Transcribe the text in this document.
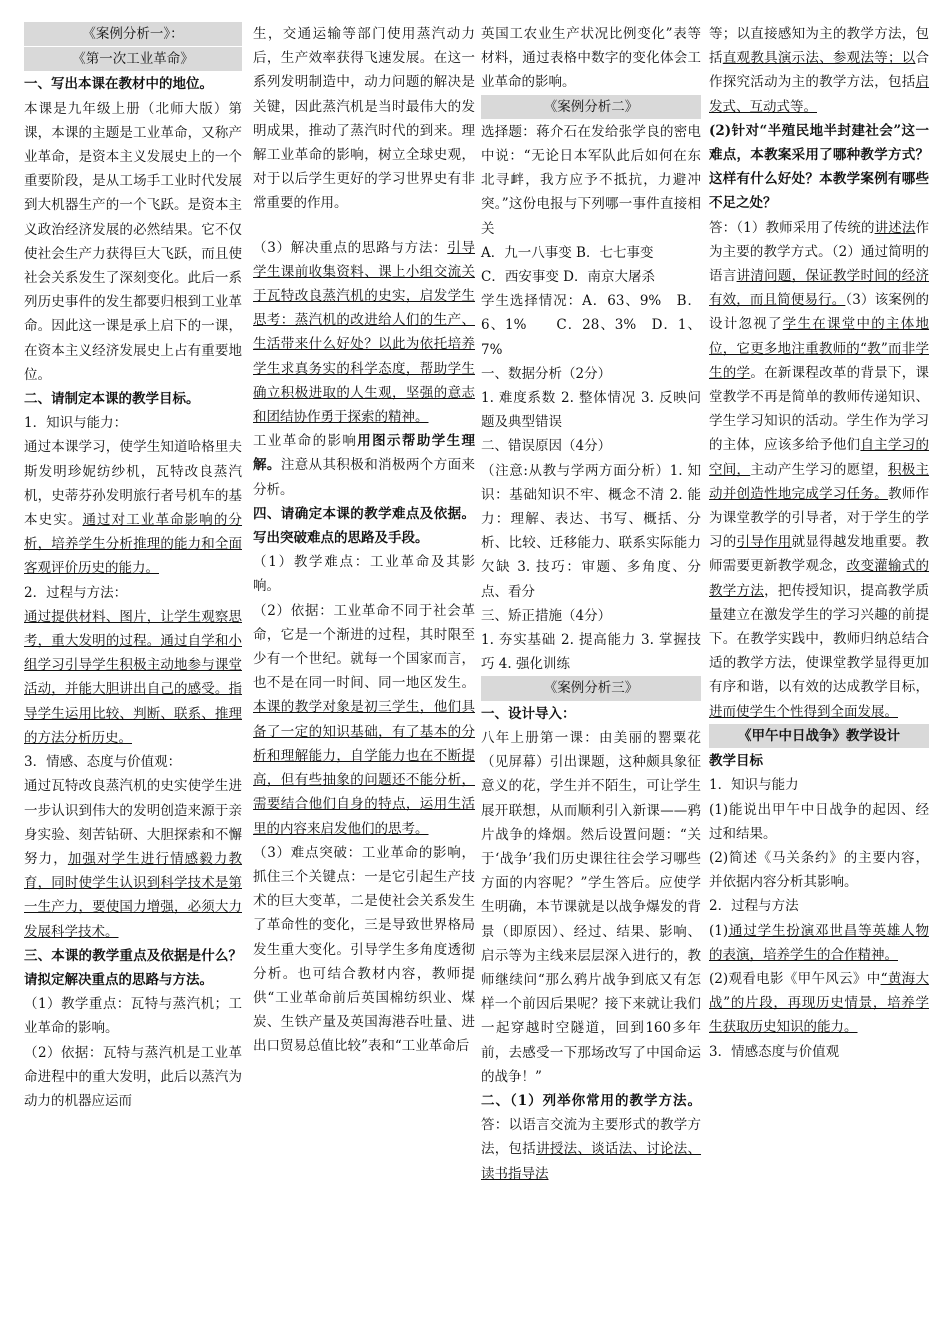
《案例分析一》：
《第一次工业革命》

一、写出本课在教材中的地位。

本课是九年级上册（北师大版）第课，本课的主题是工业革命，又称产业革命，是资本主义发展史上的一个重要阶段，是从工场手工业时代发展到大机器生产的一个飞跃。是资本主义政治经济发展的必然结果。它不仅使社会生产力获得巨大飞跃，而且使社会关系发生了深刻变化。此后一系列历史事件的发生都要归根到工业革命。因此这一课是承上启下的一课，在资本主义经济发展史上占有重要地位。

二、请制定本课的教学目标。

1．知识与能力：

通过本课学习，使学生知道哈格里夫斯发明珍妮纺纱机，瓦特改良蒸汽机，史蒂芬孙发明旅行者号机车的基本史实。通过对工业革命影响的分析，培养学生分析推理的能力和全面客观评价历史的能力。

2．过程与方法：

通过提供材料、图片，让学生观察思考，重大发明的过程。通过自学和小组学习引导学生积极主动地参与课堂活动，并能大胆讲出自己的感受。指导学生运用比较、判断、联系、推理的方法分析历史。

3．情感、态度与价值观：

通过瓦特改良蒸汽机的史实使学生进一步认识到伟大的发明创造来源于亲身实验、刻苦钻研、大胆探索和不懈努力，加强对学生进行情感毅力教育，同时使学生认识到科学技术是第一生产力，要使国力增强，必须大力发展科学技术。

三、本课的教学重点及依据是什么？请拟定解决重点的思路与方法。

（1）教学重点：瓦特与蒸汽机；工业革命的影响。

（2）依据：瓦特与蒸汽机是工业革命进程中的重大发明，此后以蒸汽为动力的机器应运而

生，交通运输等部门使用蒸汽动力后，生产效率获得飞速发展。在这一系列发明制造中，动力问题的解决是关键，因此蒸汽机是当时最伟大的发明成果，推动了蒸汽时代的到来。理解工业革命的影响，树立全球史观，对于以后学生更好的学习世界史有非常重要的作用。

（3）解决重点的思路与方法：引导学生课前收集资料、课上小组交流关于瓦特改良蒸汽机的史实，启发学生思考：蒸汽机的改进给人们的生产、生活带来什么好处？以此为依托培养学生求真务实的科学态度，帮助学生确立积极进取的人生观，坚强的意志和团结协作勇于探索的精神。

工业革命的影响用图示帮助学生理解。注意从其积极和消极两个方面来分析。

四、请确定本课的教学难点及依据。写出突破难点的思路及手段。

（1）教学难点：工业革命及其影响。

（2）依据：工业革命不同于社会革命，它是一个渐进的过程，其时限至少有一个世纪。就每一个国家而言，也不是在同一时间、同一地区发生。本课的教学对象是初三学生，他们具备了一定的知识基础，有了基本的分析和理解能力，自学能力也在不断提高，但有些抽象的问题还不能分析，需要结合他们自身的特点，运用生活里的内容来启发他们的思考。

（3）难点突破：工业革命的影响，抓住三个关键点：一是它引起生产技术的巨大变革，二是使社会关系发生了革命性的变化，三是导致世界格局发生重大变化。引导学生多角度透彻分析。也可结合教材内容，教师提供“工业革命前后英国棉纺织业、煤炭、生铁产量及英国海港吞吐量、进出口贸易总值比较”表和“工业革命后

英国工农业生产状况比例变化”表等材料，通过表格中数字的变化体会工业革命的影响。

《案例分析二》

选择题：蒋介石在发给张学良的密电中说：“无论日本军队此后如何在东北寻衅，我方应予不抵抗，力避冲突。”这份电报与下列哪一事件直接相关
A．九一八事变 B．七七事变
C．西安事变 D．南京大屠杀

学生选择情况：A．63、9%　B．6、1%　　C．28、3%　D．1、7%

一、数据分析（2分）

1. 难度系数 2. 整体情况 3. 反映问题及典型错误

二、错误原因（4分）

（注意:从教与学两方面分析）1. 知识：基础知识不牢、概念不清 2. 能力：理解、表达、书写、概括、分析、比较、迁移能力、联系实际能力欠缺 3. 技巧：审题、多角度、分点、看分

三、矫正措施（4分）

1. 夯实基础 2. 提高能力 3. 掌握技巧 4. 强化训练

《案例分析三》

一、设计导入：

八年上册第一课：由美丽的罂粟花（见屏幕）引出课题，这种颇具象征意义的花，学生并不陌生，可让学生展开联想，从而顺利引入新课——鸦片战争的烽烟。然后设置问题：“关于‘战争’我们历史课往往会学习哪些方面的内容呢？”学生答后。应使学生明确，本节课就是以战争爆发的背景（即原因）、经过、结果、影响、启示等为主线来层层深入进行的，教师继续问“那么鸦片战争到底又有怎样一个前因后果呢？接下来就让我们一起穿越时空隧道，回到160多年前，去感受一下那场改写了中国命运的战争！”

二、（1）列举你常用的教学方法。 答：以语言交流为主要形式的教学方法，包括讲授法、谈话法、讨论法、读书指导法

等；以直接感知为主的教学方法，包括直观教具演示法、参观法等；以合作探究活动为主的教学方法，包括启发式、互动式等。

(2)针对“半殖民地半封建社会”这一难点，本教案采用了哪种教学方式？这样有什么好处？本教学案例有哪些不足之处？

答：（1）教师采用了传统的讲述法作为主要的教学方式。（2）通过简明的语言讲清问题，保证教学时间的经济有效，而且简便易行。（3）该案例的设计忽视了学生在课堂中的主体地位，它更多地注重教师的“教”而非学生的学。在新课程改革的背景下，课堂教学不再是简单的教师传递知识、学生学习知识的活动。学生作为学习的主体，应该多给予他们自主学习的空间，主动产生学习的愿望，积极主动并创造性地完成学习任务。教师作为课堂教学的引导者，对于学生的学习的引导作用就显得越发地重要。教师需要更新教学观念，改变灌输式的教学方法，把传授知识，提高教学质量建立在激发学生的学习兴趣的前提下。在教学实践中，教师归纳总结合适的教学方法，使课堂教学显得更加有序和谐，以有效的达成教学目标，进而使学生个性得到全面发展。

《甲午中日战争》教学设计

教学目标

1．知识与能力

(1)能说出甲午中日战争的起因、经过和结果。

(2)简述《马关条约》的主要内容，并依据内容分析其影响。

2．过程与方法

(1)通过学生扮演邓世昌等英雄人物的表演，培养学生的合作精神。

(2)观看电影《甲午风云》中“黄海大战”的片段，再现历史情景，培养学生获取历史知识的能力。

3．情感态度与价值观
